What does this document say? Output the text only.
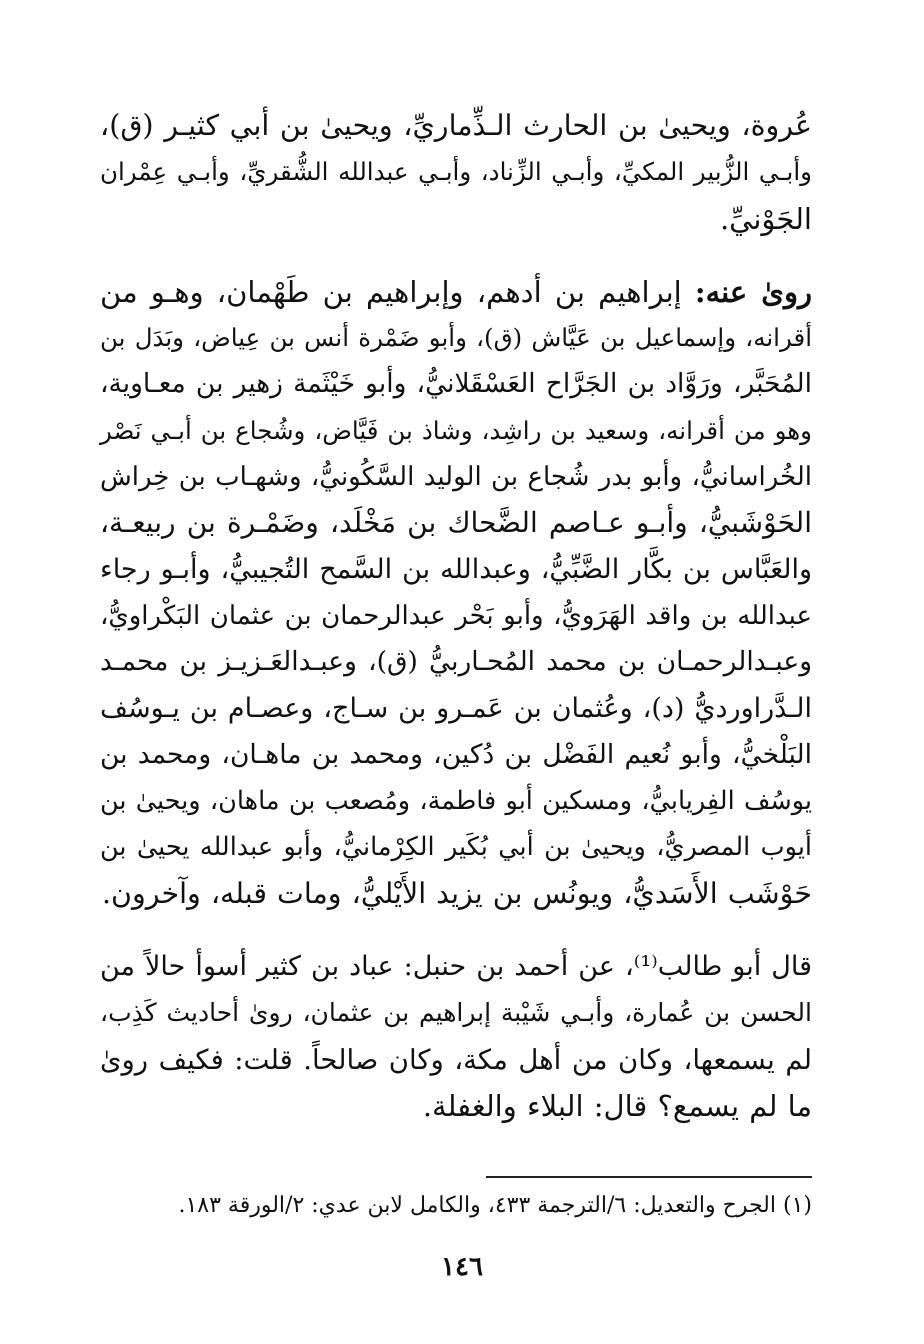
عُروة، ويحيىٰ بن الحارث الـذِّماريِّ، ويحيىٰ بن أبي كثيـر (ق)،
وأبـي الزُّبير المكيِّ، وأبـي الزِّناد، وأبـي عبدالله الشُّقريِّ، وأبـي عِمْران
الجَوْنيِّ.

رویٰ عنه: إبراهيم بن أدهم، وإبراهيم بن طَهْمان، وهـو من
أقرانه، وإسماعيل بن عَيَّاش (ق)، وأبو ضَمْرة أنس بن عِياض، وبَدَل بن
المُحَبَّر، ورَوَّاد بن الجَرَّاح العَسْقَلانيُّ، وأبو خَيْثَمة زهير بن معـاوية،
وهو من أقرانه، وسعيد بن راشِد، وشاذ بن فَيَّاض، وشُجاع بن أبـي نَصْر
الخُراسانيُّ، وأبو بدر شُجاع بن الوليد السَّكُونيُّ، وشهـاب بن خِراش
الحَوْشَبيُّ، وأبـو عـاصم الضَّحاك بن مَخْلَد، وضَمْـرة بن ربيعـة،
والعَبَّاس بن بكَّار الضَّبِّيُّ، وعبدالله بن السَّمح التُجيبيُّ، وأبـو رجاء
عبدالله بن واقد الهَرَويُّ، وأبو بَحْر عبدالرحمان بن عثمان البَكْراويُّ،
وعبـدالرحمـان بن محمد المُحـاربيُّ (ق)، وعبـدالعَـزيـز بن محمـد
الـدَّراورديُّ (د)، وعُثمان بن عَمـرو بن سـاج، وعصـام بن يـوسُف
البَلْخيُّ، وأبو نُعيم الفَضْل بن دُكين، ومحمد بن ماهـان، ومحمد بن
يوسُف الفِريابيُّ، ومسكين أبو فاطمة، ومُصعب بن ماهان، ويحيىٰ بن
أيوب المصريُّ، ويحيىٰ بن أبي بُكَير الكِرْمانيُّ، وأبو عبدالله يحيىٰ بن
حَوْشَب الأَسَديُّ، ويونُس بن يزيد الأَيْليُّ، ومات قبله، وآخرون.

قال أبو طالب⁽¹⁾، عن أحمد بن حنبل: عباد بن كثير أسوأ حالاً من
الحسن بن عُمارة، وأبـي شَيْبة إبراهيم بن عثمان، رویٰ أحاديث كَذِب،
لم يسمعها، وكان من أهل مكة، وكان صالحاً. قلت: فكيف رویٰ
ما لم يسمع؟ قال: البلاء والغفلة.

(١) الجرح والتعديل: ٦/الترجمة ٤٣٣، والكامل لابن عدي: ٢/الورقة ١٨٣.
١٤٦
